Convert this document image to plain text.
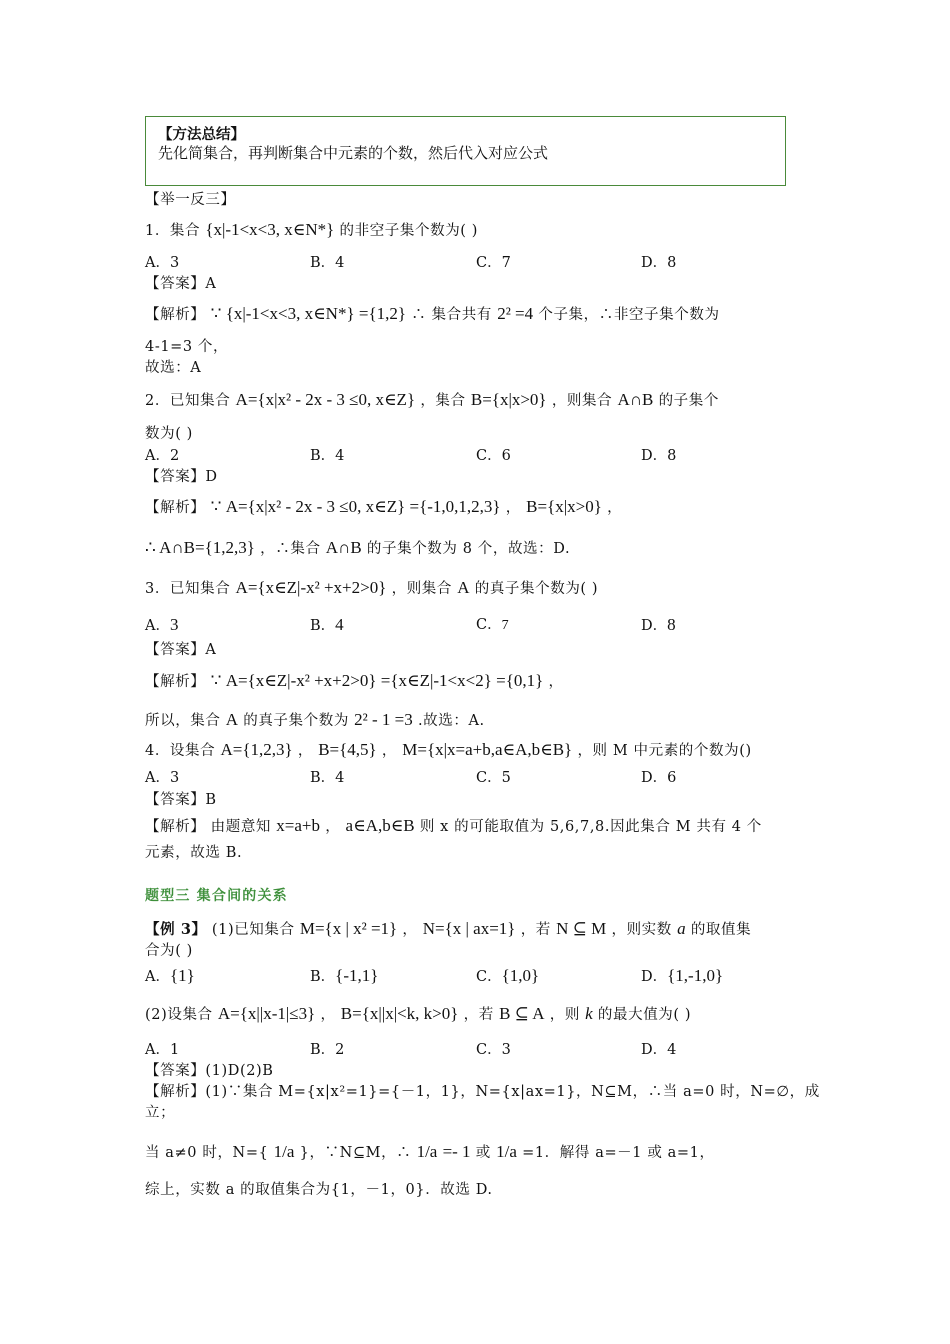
【方法总结】
先化简集合，再判断集合中元素的个数，然后代入对应公式
【举一反三】
1．集合 {x|-1<x<3, x∈N*} 的非空子集个数为( )
A．3	B．4	C．7	D．8
【答案】A
【解析】 ∵ {x|-1<x<3, x∈N*} ={1,2} ∴ 集合共有 2² =4 个子集，∴非空子集个数为
4-1=3 个，
故选：A
2．已知集合 A={x|x² - 2x - 3 ≤0, x∈Z} ，集合 B={x|x>0} ，则集合 A∩B 的子集个
数为( )
A．2	B．4	C．6	D．8
【答案】D
【解析】 ∵ A={x|x² - 2x - 3 ≤0, x∈Z} ={-1,0,1,2,3} ， B={x|x>0} ，
∴ A∩B={1,2,3} ，∴集合 A∩B 的子集个数为 8 个，故选：D.
3．已知集合 A={x∈Z|-x² +x+2>0} ，则集合 A 的真子集个数为( )
A．3	B．4	C．7	D．8
【答案】A
【解析】 ∵ A={x∈Z|-x² +x+2>0} ={x∈Z|-1<x<2} ={0,1} ，
所以，集合 A 的真子集个数为 2² - 1 =3 .故选：A.
4．设集合 A={1,2,3} ， B={4,5} ， M={x|x=a+b,a∈A,b∈B} ，则 M 中元素的个数为()
A．3	B．4	C．5	D．6
【答案】B
【解析】 由题意知 x=a+b ， a∈A,b∈B 则 x 的可能取值为 5,6,7,8.因此集合 M 共有 4 个
元素，故选 B.
题型三 集合间的关系
【例 3】 (1)已知集合 M={x | x² =1} ， N={x | ax=1} ，若 N ⊆ M ，则实数 a 的取值集
合为( )
A．{1}	B．{-1,1}	C．{1,0}	D．{1,-1,0}
(2)设集合 A={x||x-1|≤3} ， B={x||x|<k, k>0} ，若 B ⊆ A ，则 k 的最大值为( )
A．1	B．2	C．3	D．4
【答案】(1)D(2)B
【解析】(1)∵集合 M={x|x²=1}={－1，1}，N={x|ax=1}，N⊆M，∴当 a=0 时，N=∅，成
立；
当 a≠0 时，N={ 1/a }，∵N⊆M，∴ 1/a =- 1 或 1/a =1．解得 a=－1 或 a=1，
综上，实数 a 的取值集合为{1，－1，0}．故选 D.
